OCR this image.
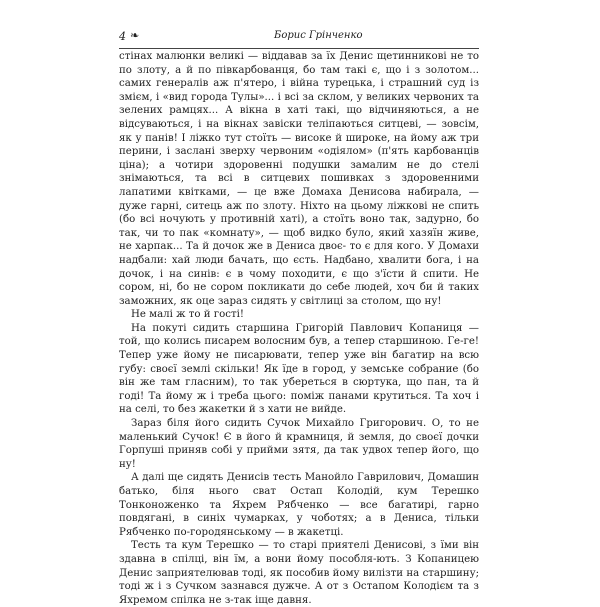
4 ❧	Борис Грінченко

стінах малюнки великі — віддавав за їх Денис щетинникові не то по злоту, а й по півкарбованця, бо там такі є, що і з золотом... самих генералів аж п'ятеро, і війна турецька, і страшний суд із змієм, і «вид города Тулы»... і всі за склом, у великих червоних та зелених рамцях... А вікна в хаті такі, що відчиняються, а не відсуваються, і на вікнах завіски теліпаються ситцеві, — зовсім, як у панів! І ліжко тут стоїть — високе й широке, на йому аж три перини, і заслані зверху червоним «одіялом» (п'ять карбованців ціна); а чотири здоровенні подушки замалим не до стелі знімаються, та всі в ситцевих пошивках з здоровенними лапатими квітками, — це вже Домаха Денисова набирала, — дуже гарні, ситець аж по злоту. Ніхто на цьому ліжкові не спить (бо всі ночують у противній хаті), а стоїть воно так, задурно, бо так, чи то пак «комнату», — щоб видко було, який хазяїн живе, не харпак... Та й дочок же в Дениса двоє- то є для кого. У Домахи надбали: хай люди бачать, що єсть. Надбано, хвалити бога, і на дочок, і на синів: є в чому походити, є що з'їсти й спити. Не сором, ні, бо не сором покликати до себе людей, хоч би й таких заможних, як оце зараз сидять у світлиці за столом, що ну!

Не малі ж то й гості!

На покуті сидить старшина Григорій Павлович Копаниця — той, що колись писарем волосним був, а тепер старшиною. Ге-ге! Тепер уже йому не писарювати, тепер уже він багатир на всю губу: своєї землі скільки! Як їде в город, у земське собрание (бо він же там гласним), то так убереться в сюртука, що пан, та й годі! Та йому ж і треба цього: поміж панами крутиться. Та хоч і на селі, то без жакетки й з хати не вийде.

Зараз біля його сидить Сучок Михайло Григорович. О, то не маленький Сучок! Є в його й крамниця, й земля, до своєї дочки Горпуші приняв собі у прийми зятя, да так удвох тепер його, що ну!

А далі ще сидять Денисів тесть Манойло Гаврилович, Домашин батько, біля нього сват Остап Колодій, кум Терешко Тонконоженко та Яхрем Рябченко — все багатирі, гарно повдягані, в синіх чумарках, у чоботях; а в Дениса, тільки Рябченко по-городянському — в жакетці.

Тесть та кум Терешко — то старі приятелі Денисові, з їми він здавна в спілці, він їм, а вони йому пособля-ють. З Копаницею Денис заприятелював тоді, як пособив йому вилізти на старшину; тоді ж і з Сучком зазнався дужче. А от з Остапом Колодієм та з Яхремом спілка не з-так іще давня.
